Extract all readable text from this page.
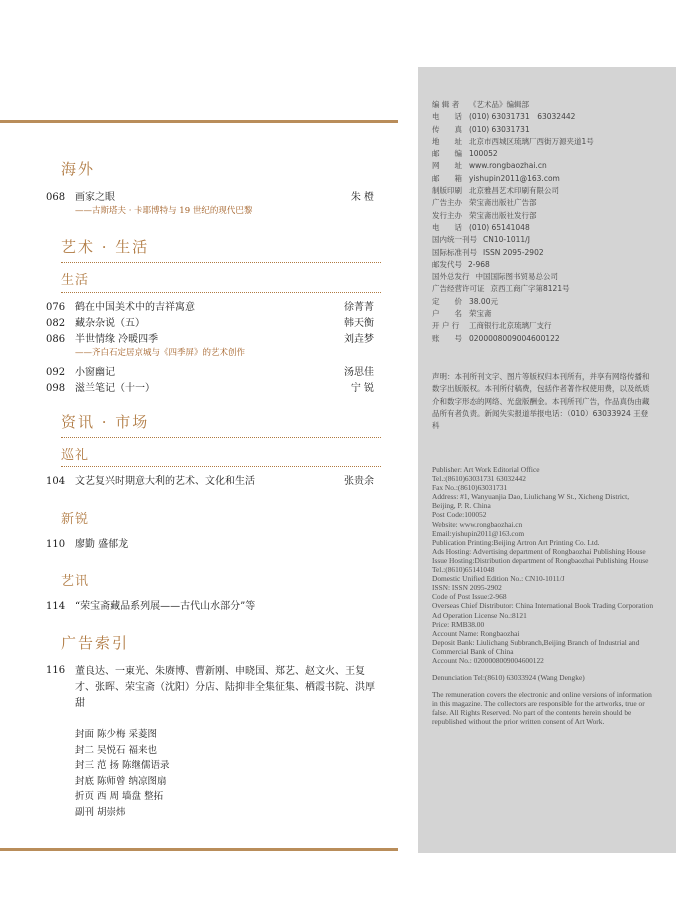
海外
068 画家之眼	朱 橙
——古斯塔夫 · 卡耶博特与 19 世纪的现代巴黎
艺术 · 生活
生活
076 鹤在中国美术中的吉祥寓意	徐菁菁
082 藏杂杂说（五）	韩天衡
086 半世情缘 冷暖四季	刘垚梦
——齐白石定居京城与《四季屏》的艺术创作
092 小窗幽记	汤思佳
098 滋兰笔记（十一）	宁 锐
资讯 · 市场
巡礼
104 文艺复兴时期意大利的艺术、文化和生活	张贵余
新锐
110 廖勤 盛郁龙
艺讯
114 “荣宝斋藏品系列展——古代山水部分”等
广告索引
116 董良达、一東光、朱赓博、曹新刚、申晓国、郑艺、赵文火、王复才、张晖、荣宝斋（沈阳）分店、陆抑非全集征集、栖霞书院、洪厚甜
封面 陈少梅 采菱图
封二 吴悦石 福来也
封三 范 扬 陈继儒语录
封底 陈师曾 纳凉图扇
折页 西 周 墙盘 整拓
副刊 胡崇炜
编 辑 者	《艺术品》编辑部
电　　话 (010) 63031731　63032442
传　　真 (010) 63031731
地　　址 北京市西城区琉璃厂西街万源夹道1号
邮　　编 100052
网　　址 www.rongbaozhai.cn
邮　　箱 yishupin2011@163.com
制版印刷 北京雅昌艺术印刷有限公司
广告主办 荣宝斋出版社广告部
发行主办 荣宝斋出版社发行部
电　　话 (010) 65141048
国内统一刊号 CN10-1011/J
国际标准刊号 ISSN 2095-2902
邮发代号 2-968
国外总发行 中国国际图书贸易总公司
广告经营许可证 京西工商广字第8121号
定　　价 38.00元
户　　名 荣宝斋
开 户 行	工商银行北京琉璃厂支行
账　　号 0200008009004600122
声明：本刊所刊文字、图片等版权归本刊所有，并享有网络传播和数字出版版权。本刊所付稿费，包括作者著作权使用费，以及纸质介和数字形态的网络、光盘版酬金。本刊所刊广告，作品真伪由藏品所有者负责。新闻失实报道举报电话：（010）63033924 王登科
Publisher: Art Work Editorial Office
Tel.:(8610)63031731 63032442
Fax No.:(8610)63031731
Address: #1, Wanyuanjia Dao, Liulichang W St., Xicheng District, Beijing, P. R. China
Post Code:100052
Website: www.rongbaozhai.cn
Email:yishupin2011@163.com
Publication Printing:Beijing Artron Art Printing Co. Ltd.
Ads Hosting: Advertising department of Rongbaozhai Publishing House
Issue Hosting:Distribution department of Rongbaozhai Publishing House
Tel.:(8610)65141048
Domestic Unified Edition No.: CN10-1011/J
ISSN: ISSN 2095-2902
Code of Post Issue:2-968
Overseas Chief Distributor: China International Book Trading Corporation
Ad Operation License No.:8121
Price: RMB38.00
Account Name: Rongbaozhai
Deposit Bank: Liulichang Subbranch,Beijing Branch of Industrial and Commercial Bank of China
Account No.: 0200008009004600122
Denunciation Tel:(8610) 63033924 (Wang Dengke)
The remuneration covers the electronic and online versions of information in this magazine. The collectors are responsible for the artworks, true or false. All Rights Reserved. No part of the contents herein should be republished without the prior written consent of Art Work.
